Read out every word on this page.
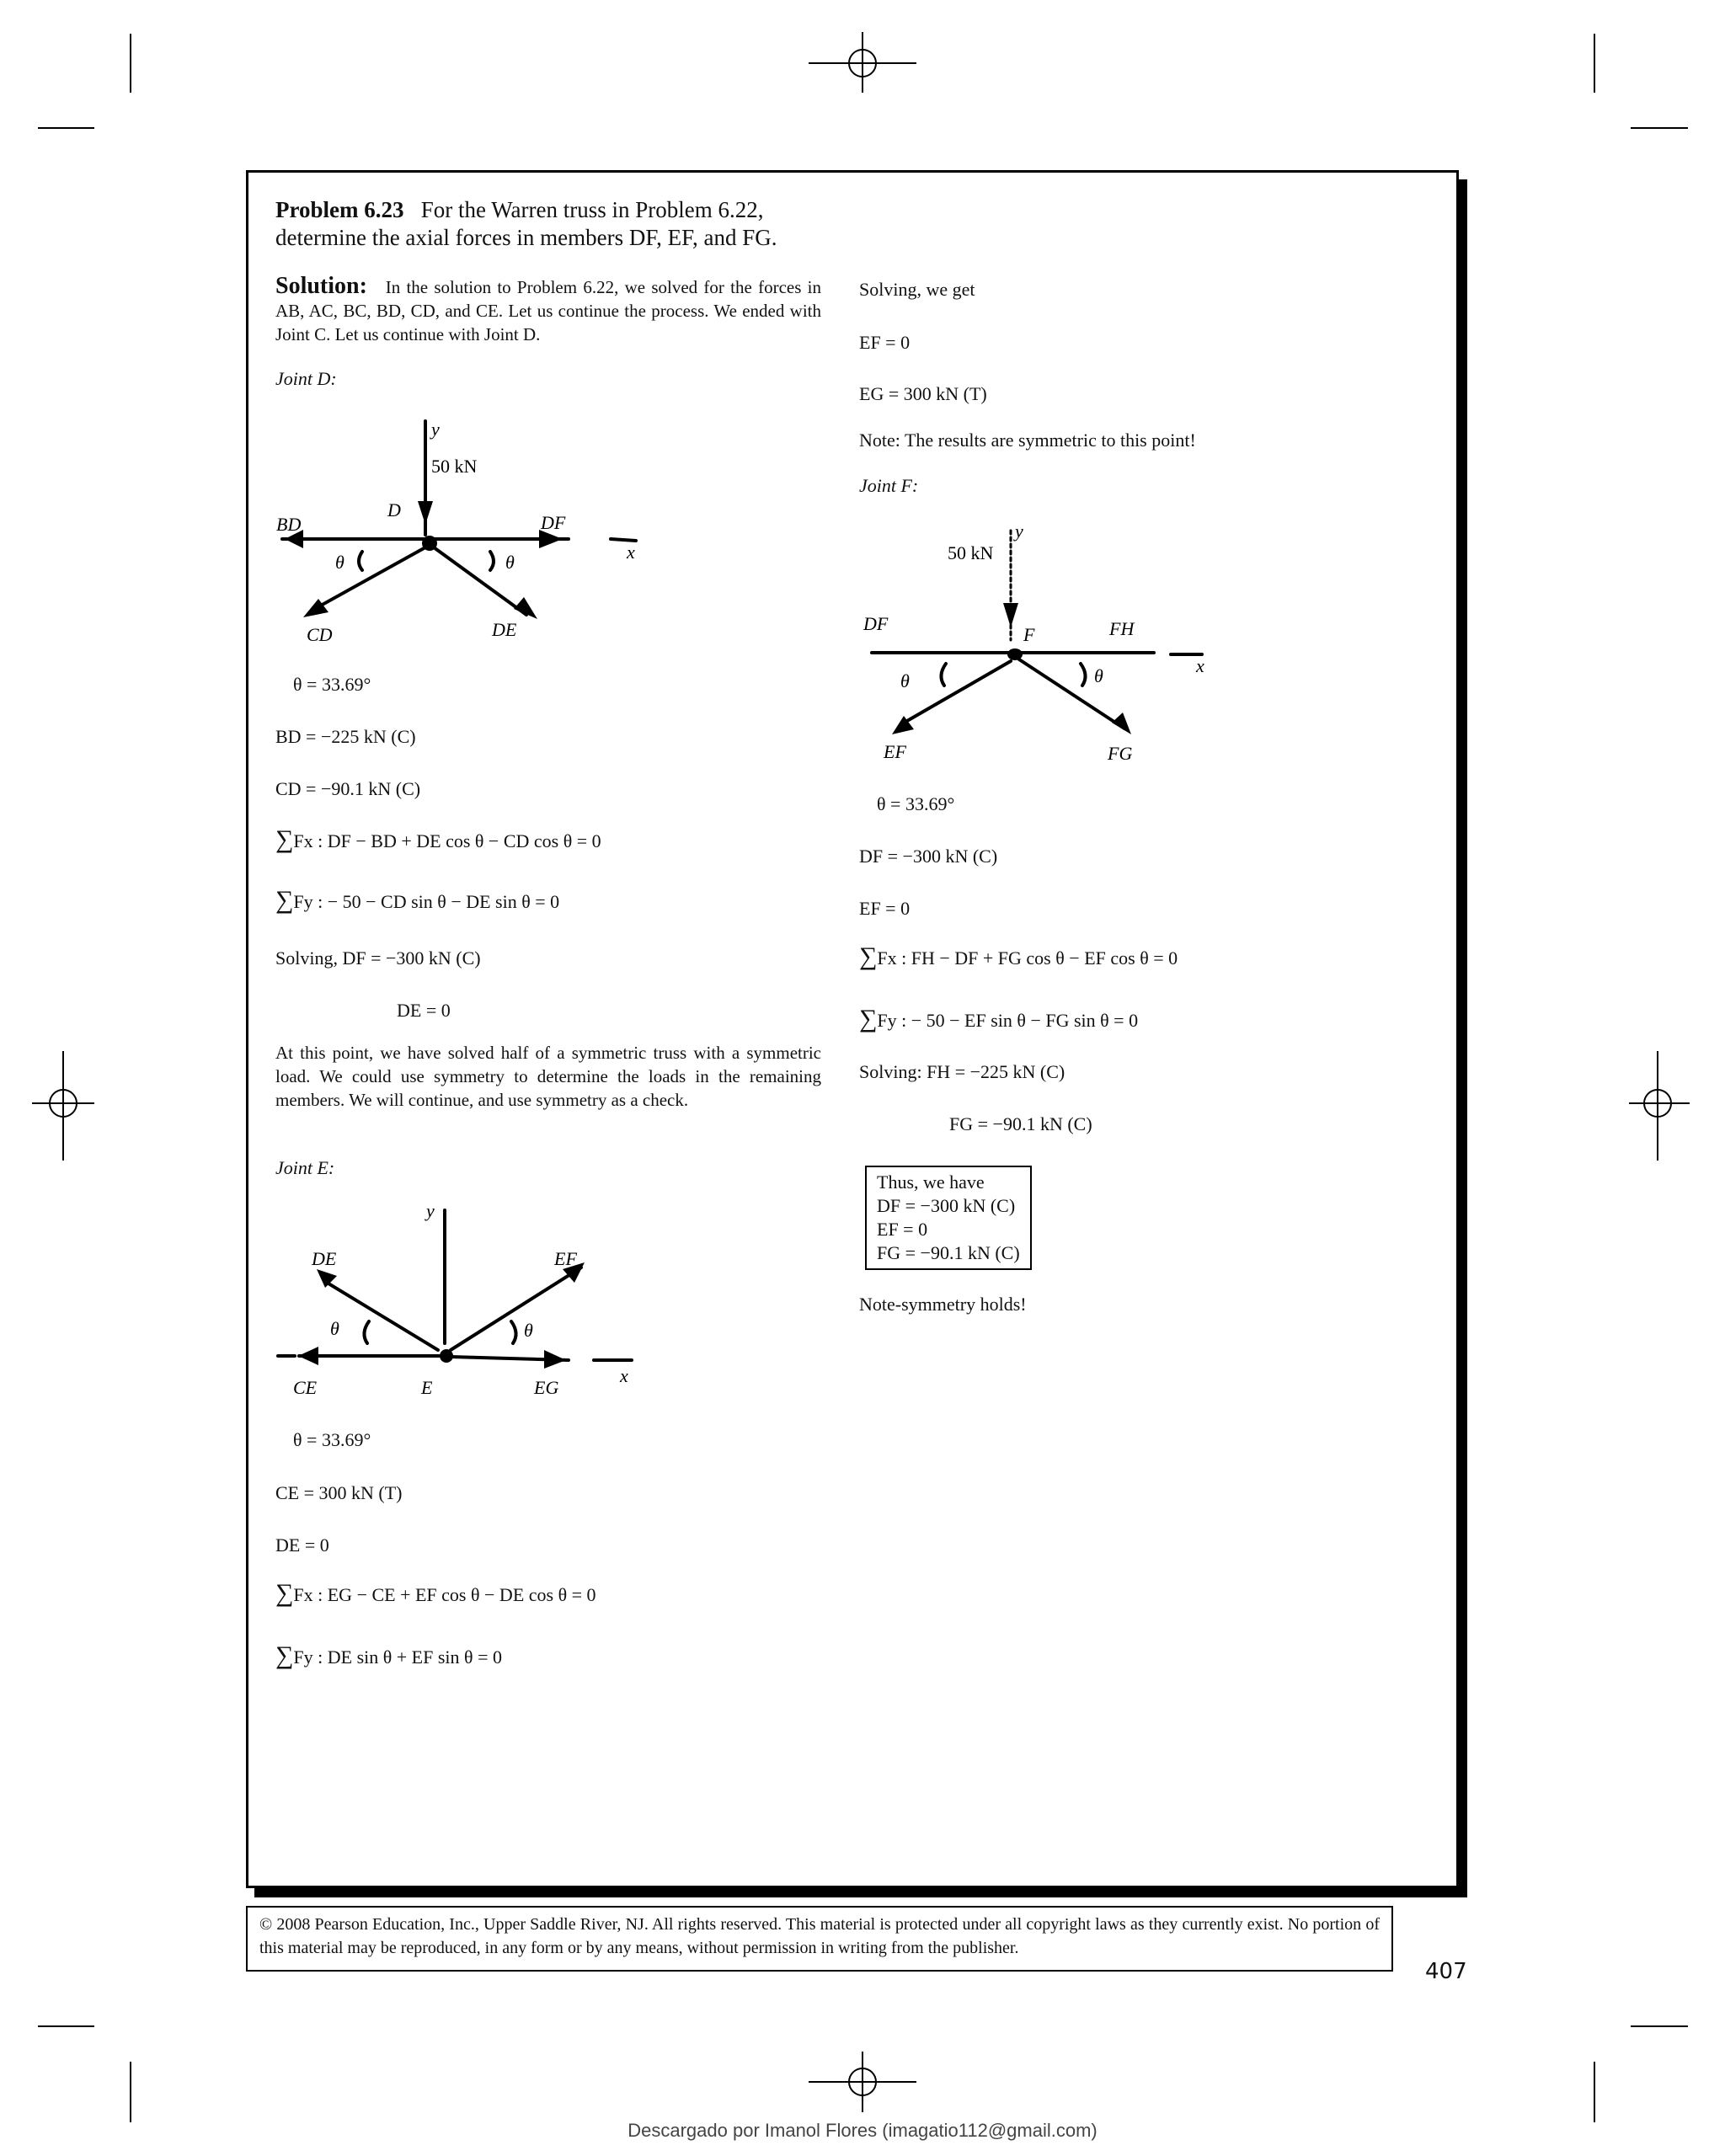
Problem 6.23 For the Warren truss in Problem 6.22,
determine the axial forces in members DF, EF, and FG.
Solution: In the solution to Problem 6.22, we solved for the forces in AB, AC, BC, BD, CD, and CE. Let us continue the process. We ended with Joint C. Let us continue with Joint D.
Joint D:
y
50 kN
D
BD	DF
x
θ	θ
CD	DE
θ = 33.69°
BD = −225 kN (C)
CD = −90.1 kN (C)
∑Fx : DF − BD + DE cos θ − CD cos θ = 0
∑Fy : − 50 − CD sin θ − DE sin θ = 0
Solving, DF = −300 kN (C)
DE = 0
At this point, we have solved half of a symmetric truss with a symmetric load. We could use symmetry to determine the loads in the remaining members. We will continue, and use symmetry as a check.
Joint E:
y
DE	EF
θ	θ
CE	E	EG
x
θ = 33.69°
CE = 300 kN (T)
DE = 0
∑Fx : EG − CE + EF cos θ − DE cos θ = 0
∑Fy : DE sin θ + EF sin θ = 0
Solving, we get
EF = 0
EG = 300 kN (T)
Note: The results are symmetric to this point!
Joint F:
y
50 kN
DF
F	FH
x
θ	θ
EF	FG
θ = 33.69°
DF = −300 kN (C)
EF = 0
∑Fx : FH − DF + FG cos θ − EF cos θ = 0
∑Fy : − 50 − EF sin θ − FG sin θ = 0
Solving: FH = −225 kN (C)
FG = −90.1 kN (C)
Thus, we have
DF = −300 kN (C)
EF = 0
FG = −90.1 kN (C)
Note-symmetry holds!
© 2008 Pearson Education, Inc., Upper Saddle River, NJ. All rights reserved. This material is protected under all copyright laws as they currently exist. No portion of this material may be reproduced, in any form or by any means, without permission in writing from the publisher.
407
Descargado por Imanol Flores (imagatio112@gmail.com)
